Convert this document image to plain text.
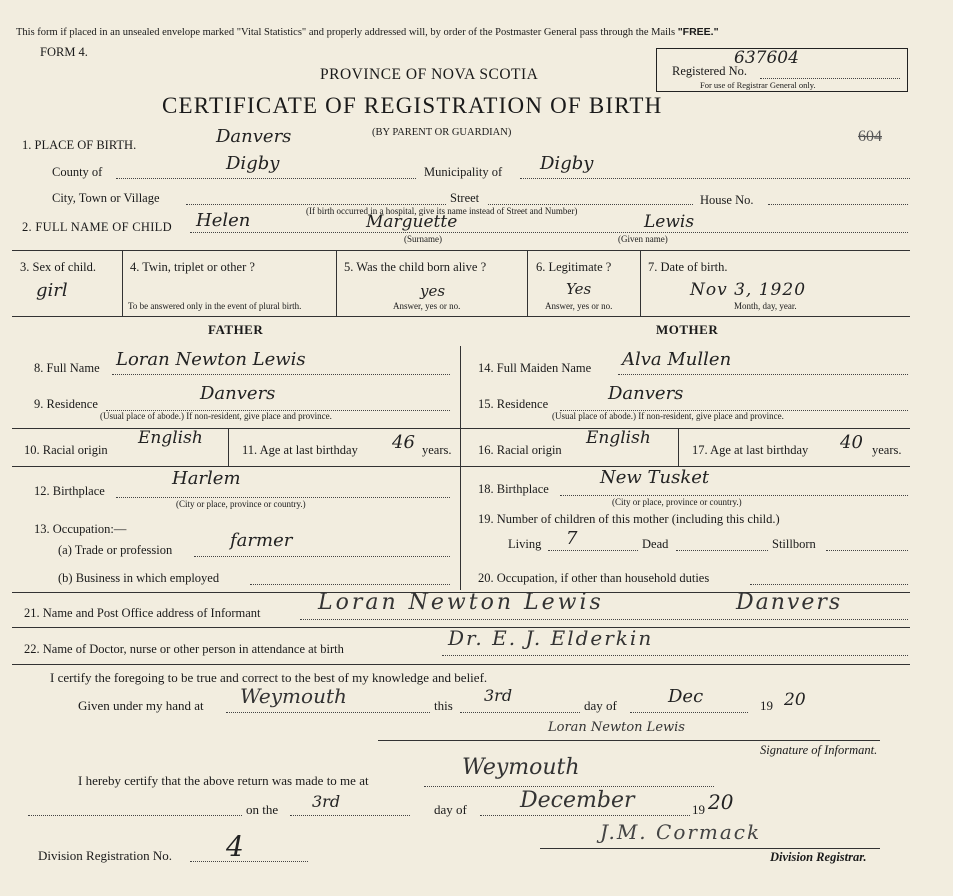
This form if placed in an unsealed envelope marked "Vital Statistics" and properly addressed will, by order of the Postmaster General pass through the Mails "FREE."
FORM 4.
PROVINCE OF NOVA SCOTIA
CERTIFICATE OF REGISTRATION OF BIRTH
(BY PARENT OR GUARDIAN)
Registered No.
637604
For use of Registrar General only.
604
1. PLACE OF BIRTH.	Danvers
County of	Digby	Municipality of Digby
City, Town or Village	Street	House No.
(If birth occurred in a hospital, give its name instead of Street and Number)
2. FULL NAME OF CHILD Helen	Marguette
(Surname)
Lewis
(Given name)
3. Sex of child.
girl
4. Twin, triplet or other ?
To be answered only in the event of plural birth.
5. Was the child born alive ?
yes
Answer, yes or no.
6. Legitimate ?
Yes
Answer, yes or no.
7. Date of birth.
Nov 3, 1920
Month, day, year.
FATHER	MOTHER
8. Full Name Loran Newton Lewis
9. Residence	Danvers
(Usual place of abode.) If non-resident, give place and province.
10. Racial origin
English
11. Age at last birthday 46 years.
12. Birthplace
Harlem
(City or place, province or country.)
13. Occupation:—
(a) Trade or profession	farmer
(b) Business in which employed
14. Full Maiden Name Alva Mullen
15. Residence	Danvers
(Usual place of abode.) If non-resident, give place and province.
16. Racial origin
English
17. Age at last birthday 40 years.
18. Birthplace
New Tusket
(City or place, province or country.)
19. Number of children of this mother (including this child.)
Living 7	Dead	Stillborn
20. Occupation, if other than household duties
21. Name and Post Office address of Informant	Loran Newton Lewis	Danvers
22. Name of Doctor, nurse or other person in attendance at birth	Dr. E. J. Elderkin
I certify the foregoing to be true and correct to the best of my knowledge and belief.
Given under my hand at Weymouth	this
3rd
day of	Dec	19 20
Loran Newton Lewis
Signature of Informant.
I hereby certify that the above return was made to me at
Weymouth
on the 3rd	day of December	19 20
Division Registration No. 4	J.M. Cormack
Division Registrar.
